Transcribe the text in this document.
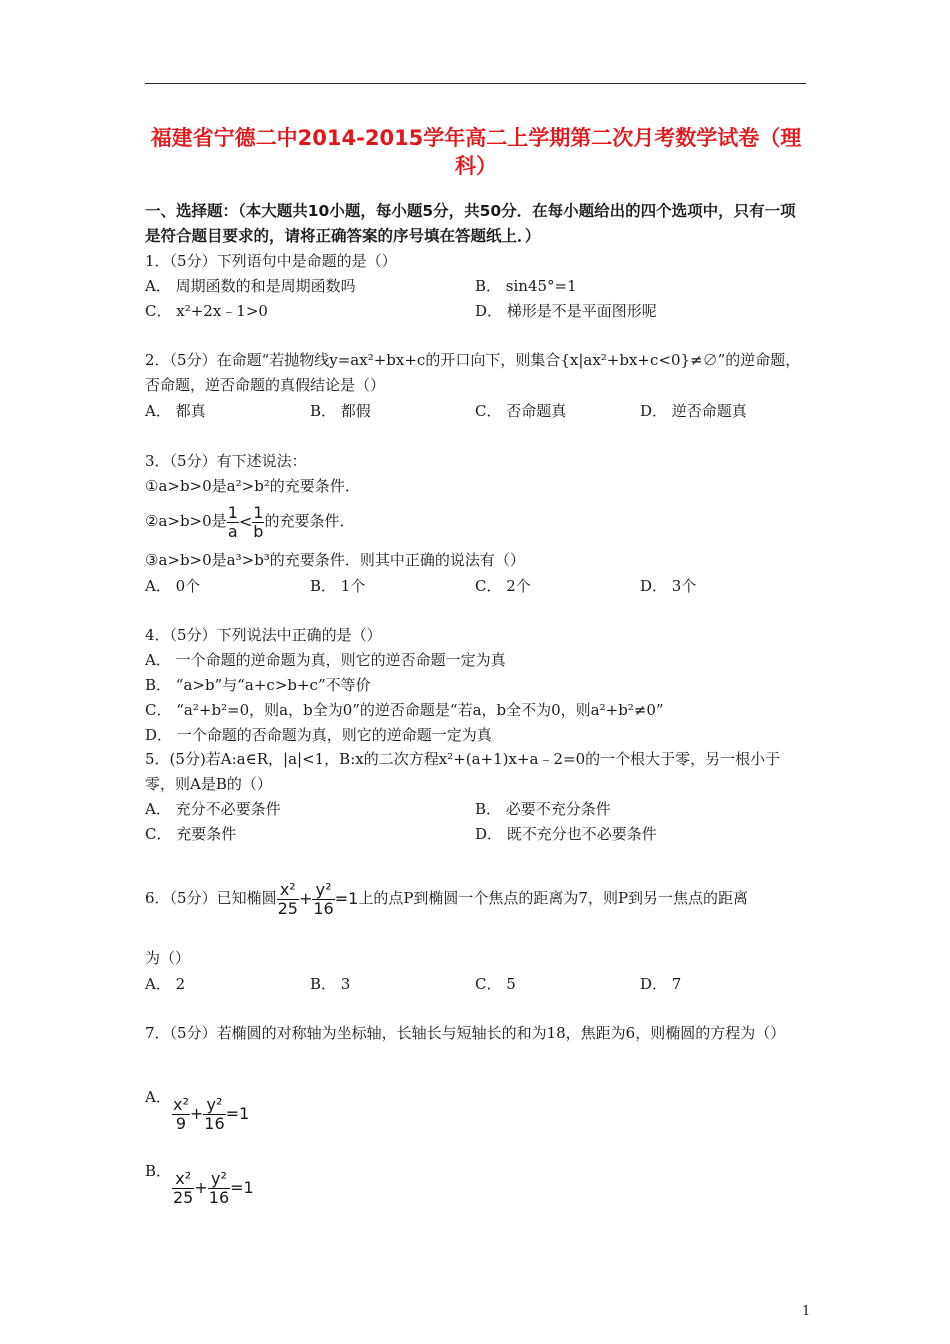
福建省宁德二中2014-2015学年高二上学期第二次月考数学试卷（理科）
一、选择题：（本大题共10小题，每小题5分，共50分．在每小题给出的四个选项中，只有一项是符合题目要求的，请将正确答案的序号填在答题纸上．）
1．（5分）下列语句中是命题的是（）
A． 周期函数的和是周期函数吗	B． sin45°=1
C． x²+2x﹣1>0	D． 梯形是不是平面图形呢
2．（5分）在命题“若抛物线y=ax²+bx+c的开口向下，则集合{x|ax²+bx+c<0}≠∅”的逆命题，否命题，逆否命题的真假结论是（）
A． 都真	B． 都假	C． 否命题真	D． 逆否命题真
3．（5分）有下述说法：
①a>b>0是a²>b²的充要条件．
②a>b>0是 $\frac{1}{a} < \frac{1}{b}$ 的充要条件．
③a>b>0是a³>b³的充要条件．则其中正确的说法有（）
A． 0个	B． 1个	C． 2个	D． 3个
4．（5分）下列说法中正确的是（）
A． 一个命题的逆命题为真，则它的逆否命题一定为真
B． “a>b”与“a+c>b+c”不等价
C． “a²+b²=0，则a，b全为0”的逆否命题是“若a，b全不为0，则a²+b²≠0”
D． 一个命题的否命题为真，则它的逆命题一定为真
5．(5分)若A:a∈R，|a|<1，B:x的二次方程x²+(a+1)x+a﹣2=0的一个根大于零，另一根小于零，则A是B的（）
A． 充分不必要条件	B． 必要不充分条件
C． 充要条件	D． 既不充分也不必要条件
6．（5分）已知椭圆 $\frac{\text{x²}}{25} + \frac{\text{y²}}{16} =1$上的点P到椭圆一个焦点的距离为7，则P到另一焦点的距离
为（）
A． 2	B． 3	C． 5	D． 7
7．（5分）若椭圆的对称轴为坐标轴，长轴长与短轴长的和为18，焦距为6，则椭圆的方程为（）
A． $\frac{\text{x²}}{9} + \frac{\text{y²}}{16} =1$
B． $\frac{\text{x²}}{25} + \frac{\text{y²}}{16} =1$
1
